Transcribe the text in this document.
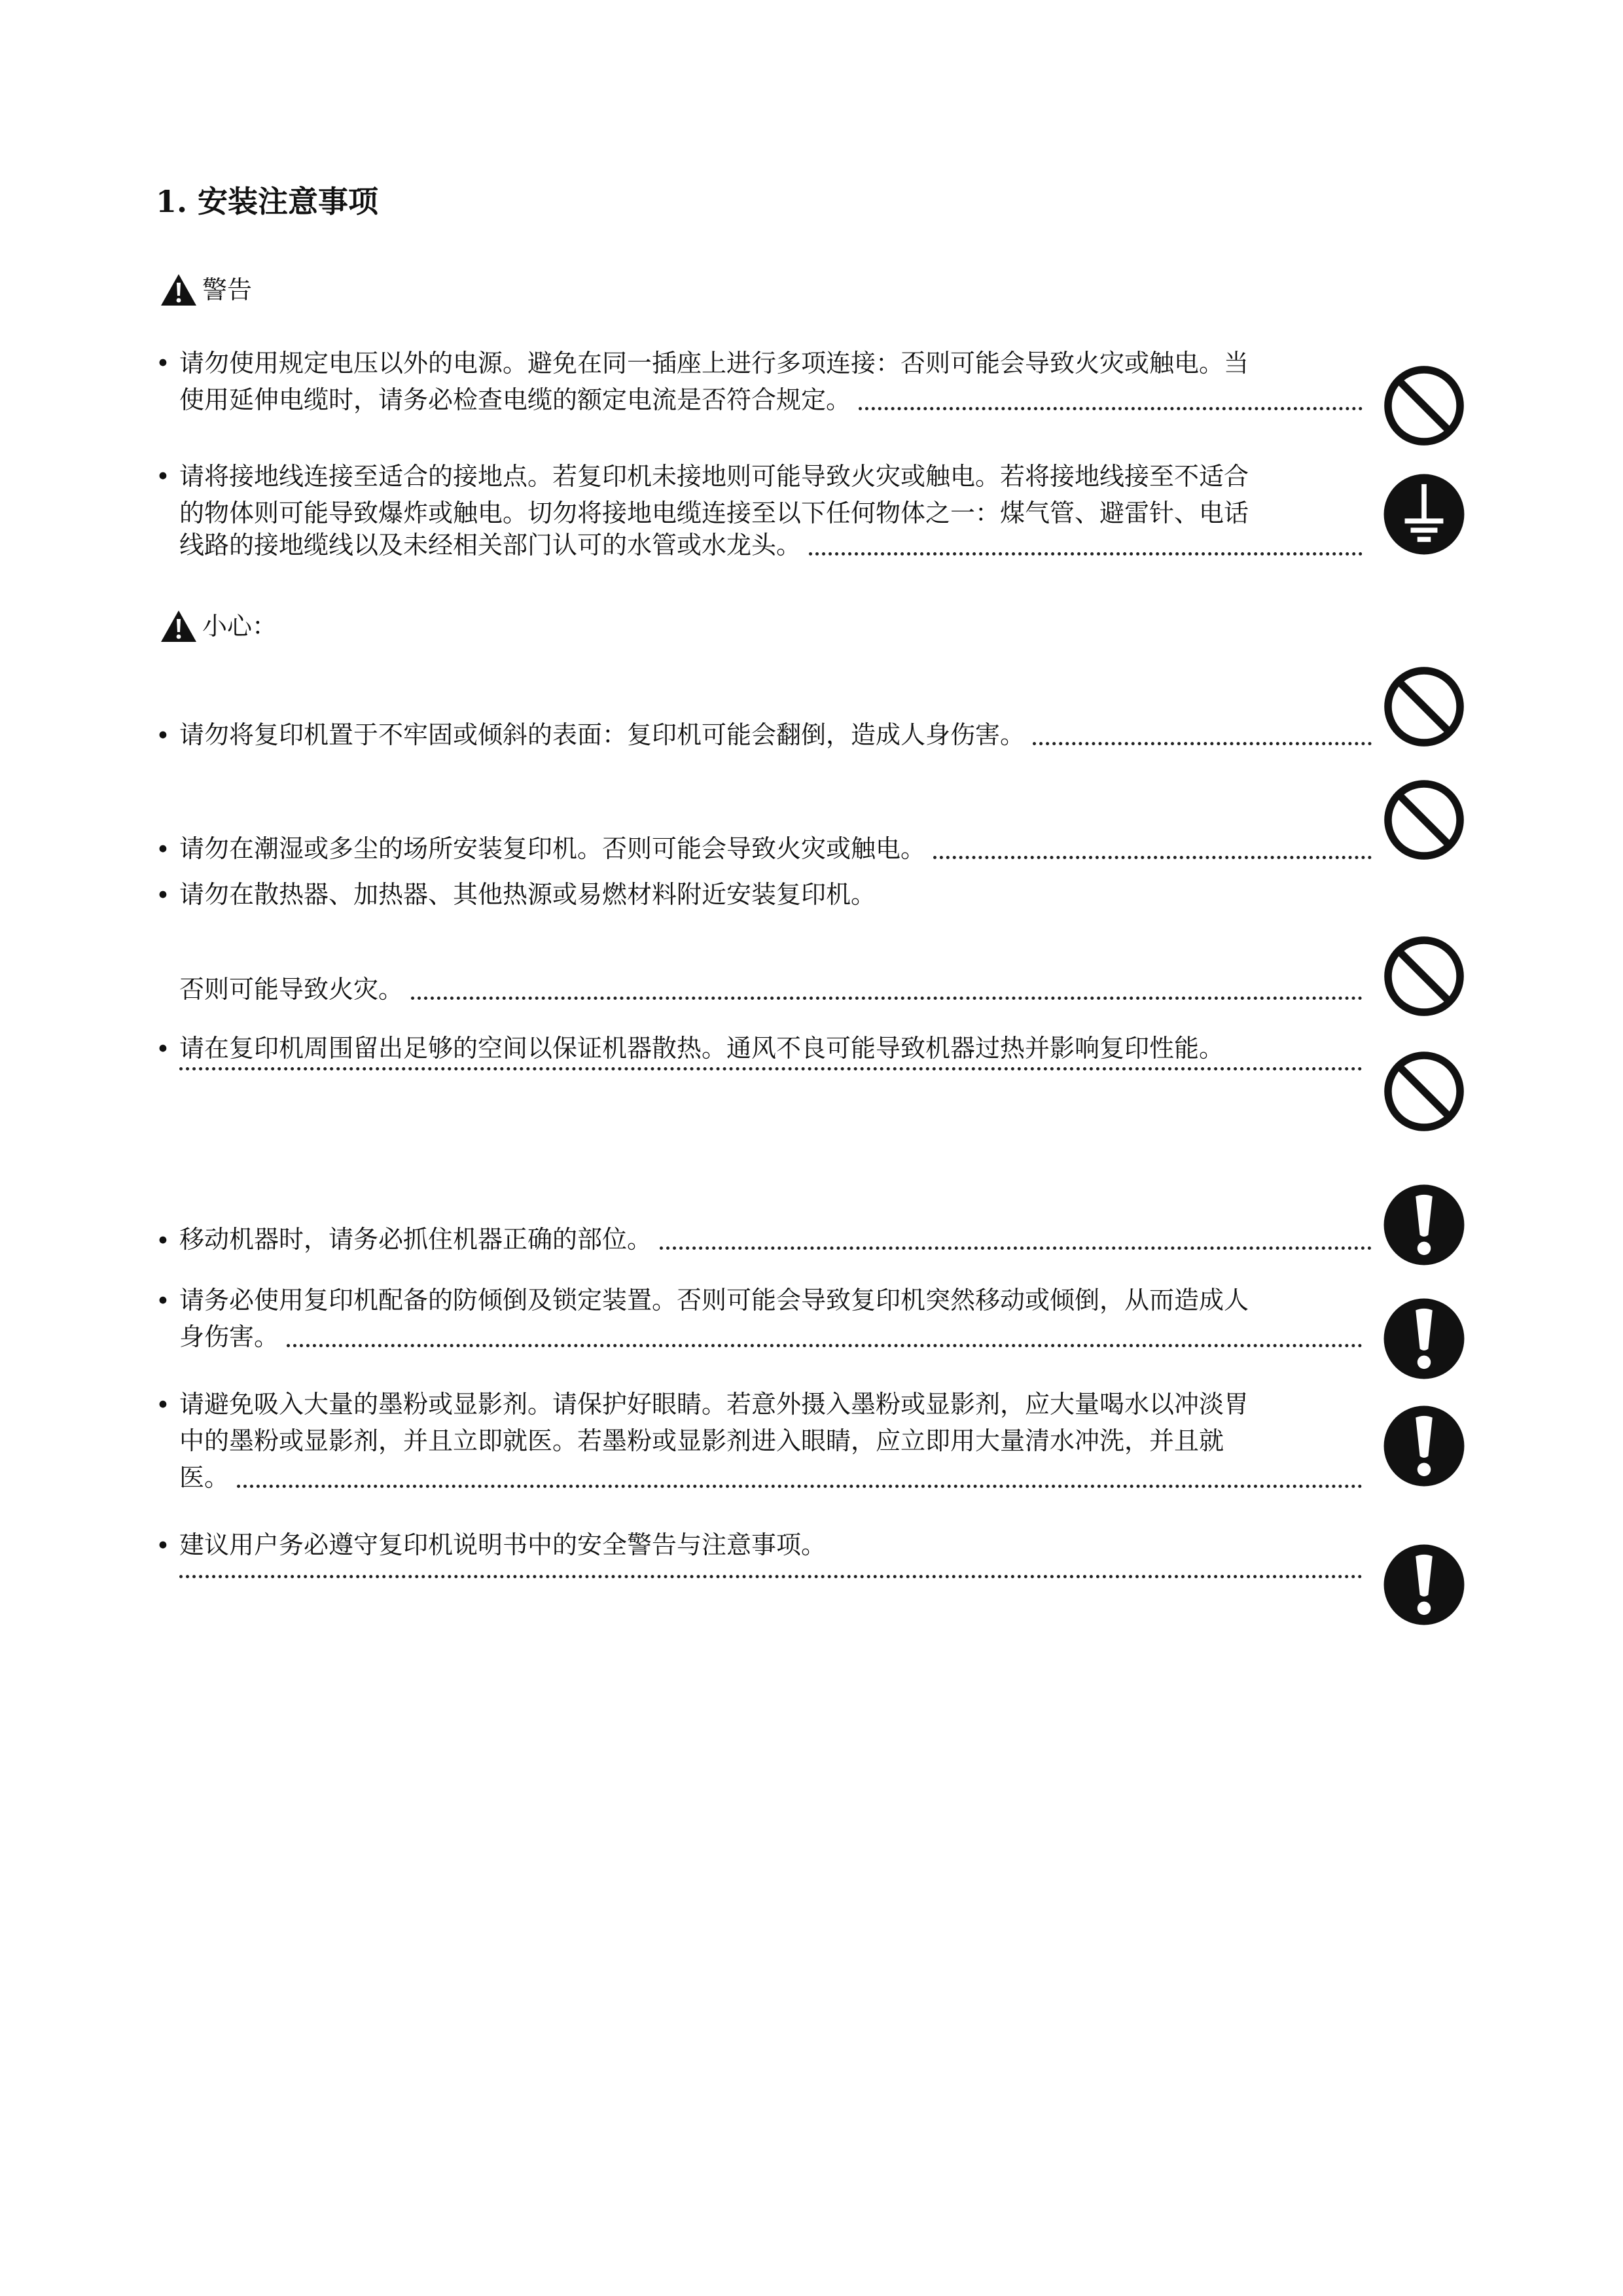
1. 安装注意事项
警告
• 请勿使用规定电压以外的电源。避免在同一插座上进行多项连接：否则可能会导致火灾或触电。当
使用延伸电缆时，请务必检查电缆的额定电流是否符合规定。
• 请将接地线连接至适合的接地点。若复印机未接地则可能导致火灾或触电。若将接地线接至不适合
的物体则可能导致爆炸或触电。切勿将接地电缆连接至以下任何物体之一：煤气管、避雷针、电话
线路的接地缆线以及未经相关部门认可的水管或水龙头。
小心：
• 请勿将复印机置于不牢固或倾斜的表面：复印机可能会翻倒，造成人身伤害。
• 请勿在潮湿或多尘的场所安装复印机。否则可能会导致火灾或触电。
• 请勿在散热器、加热器、其他热源或易燃材料附近安装复印机。
否则可能导致火灾。
• 请在复印机周围留出足够的空间以保证机器散热。通风不良可能导致机器过热并影响复印性能。
• 移动机器时，请务必抓住机器正确的部位。
• 请务必使用复印机配备的防倾倒及锁定装置。否则可能会导致复印机突然移动或倾倒，从而造成人
身伤害。
• 请避免吸入大量的墨粉或显影剂。请保护好眼睛。若意外摄入墨粉或显影剂，应大量喝水以冲淡胃
中的墨粉或显影剂，并且立即就医。若墨粉或显影剂进入眼睛，应立即用大量清水冲洗，并且就
医。
• 建议用户务必遵守复印机说明书中的安全警告与注意事项。
